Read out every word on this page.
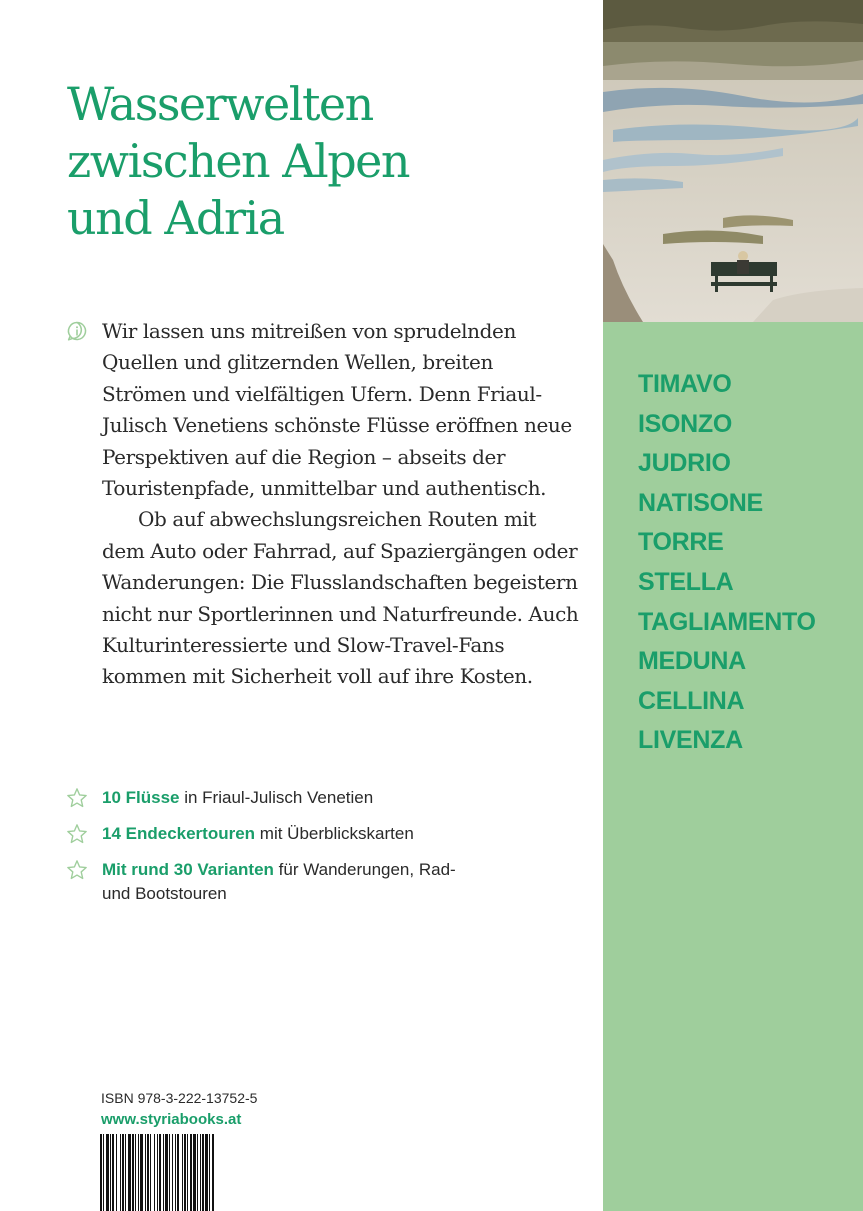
Wasserwelten
zwischen Alpen
und Adria

Wir lassen uns mitreißen von sprudelnden Quellen und glitzernden Wellen, breiten Strömen und vielfältigen Ufern. Denn Friaul-Julisch Venetiens schönste Flüsse eröffnen neue Perspektiven auf die Region – abseits der Touristenpfade, unmittelbar und authentisch.

Ob auf abwechslungsreichen Routen mit dem Auto oder Fahrrad, auf Spaziergängen oder Wanderungen: Die Flusslandschaften begeistern nicht nur Sportlerinnen und Naturfreunde. Auch Kulturinteressierte und Slow-Travel-Fans kommen mit Sicherheit voll auf ihre Kosten.

10 Flüsse in Friaul-Julisch Venetien
14 Endeckertouren mit Überblickskarten
Mit rund 30 Varianten für Wanderungen, Rad- und Bootstouren
ISBN 978-3-222-13752-5
www.styriabooks.at
TIMAVO
ISONZO
JUDRIO
NATISONE
TORRE
STELLA
TAGLIAMENTO
MEDUNA
CELLINA
LIVENZA
